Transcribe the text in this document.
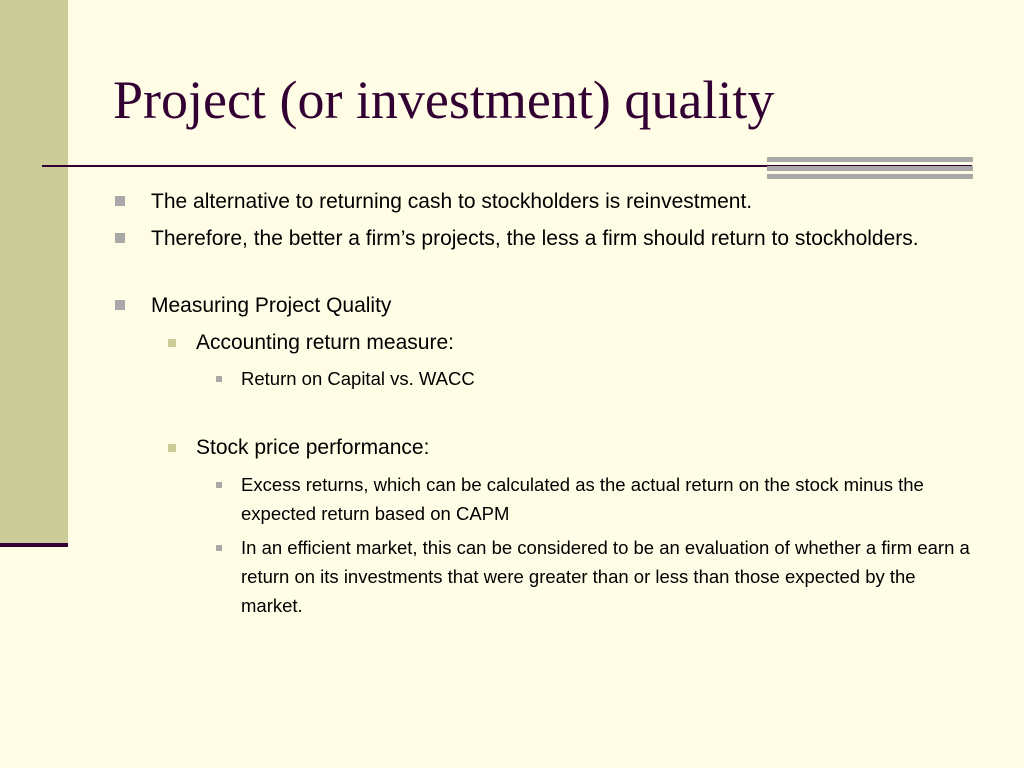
Project (or investment) quality
The alternative to returning cash to stockholders is reinvestment.
Therefore, the better a firm’s projects, the less a firm should return to stockholders.
Measuring Project Quality
Accounting return measure:
Return on Capital vs. WACC
Stock price performance:
Excess returns, which can be calculated as the actual return on the stock minus the expected return based on CAPM
In an efficient market, this can be considered to be an evaluation of whether a firm earn a return on its investments that were greater than or less than those expected by the market.
